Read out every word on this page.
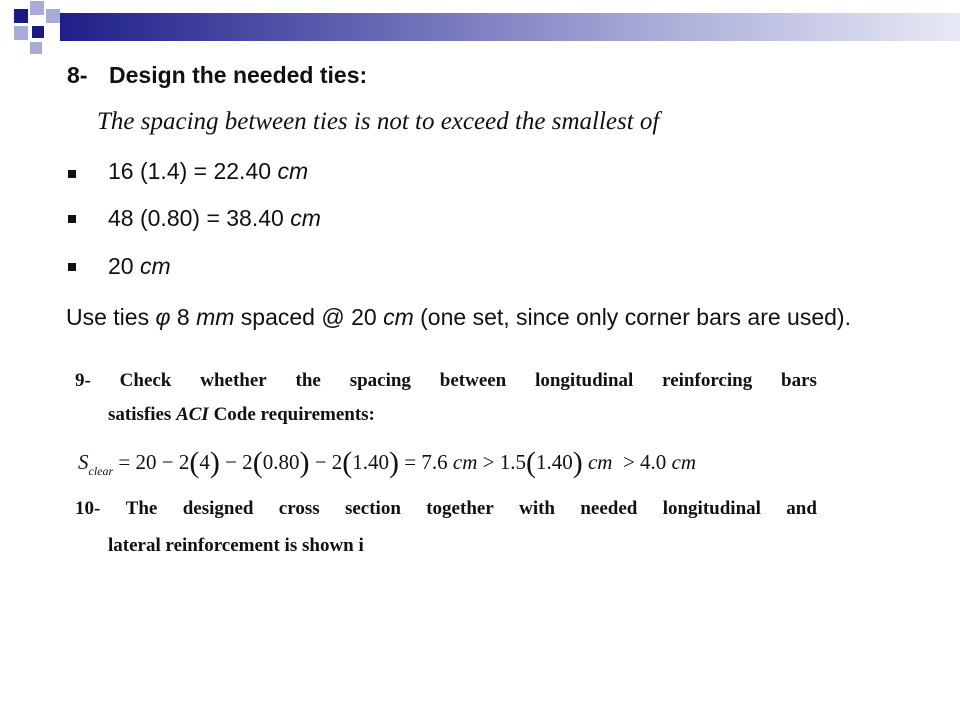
8- Design the needed ties:
The spacing between ties is not to exceed the smallest of
16 (1.4) = 22.40 cm
48 (0.80) = 38.40 cm
20 cm
Use ties φ 8 mm spaced @ 20 cm (one set, since only corner bars are used).
9- Check whether the spacing between longitudinal reinforcing bars
satisfies ACI Code requirements:
$S_{clear} = 20 - 2(4) - 2(0.80) - 2(1.40) = 7.6$ cm > 1.5(1.40) cm  > 4.0 cm
10- The designed cross section together with needed longitudinal and
lateral reinforcement is shown i
